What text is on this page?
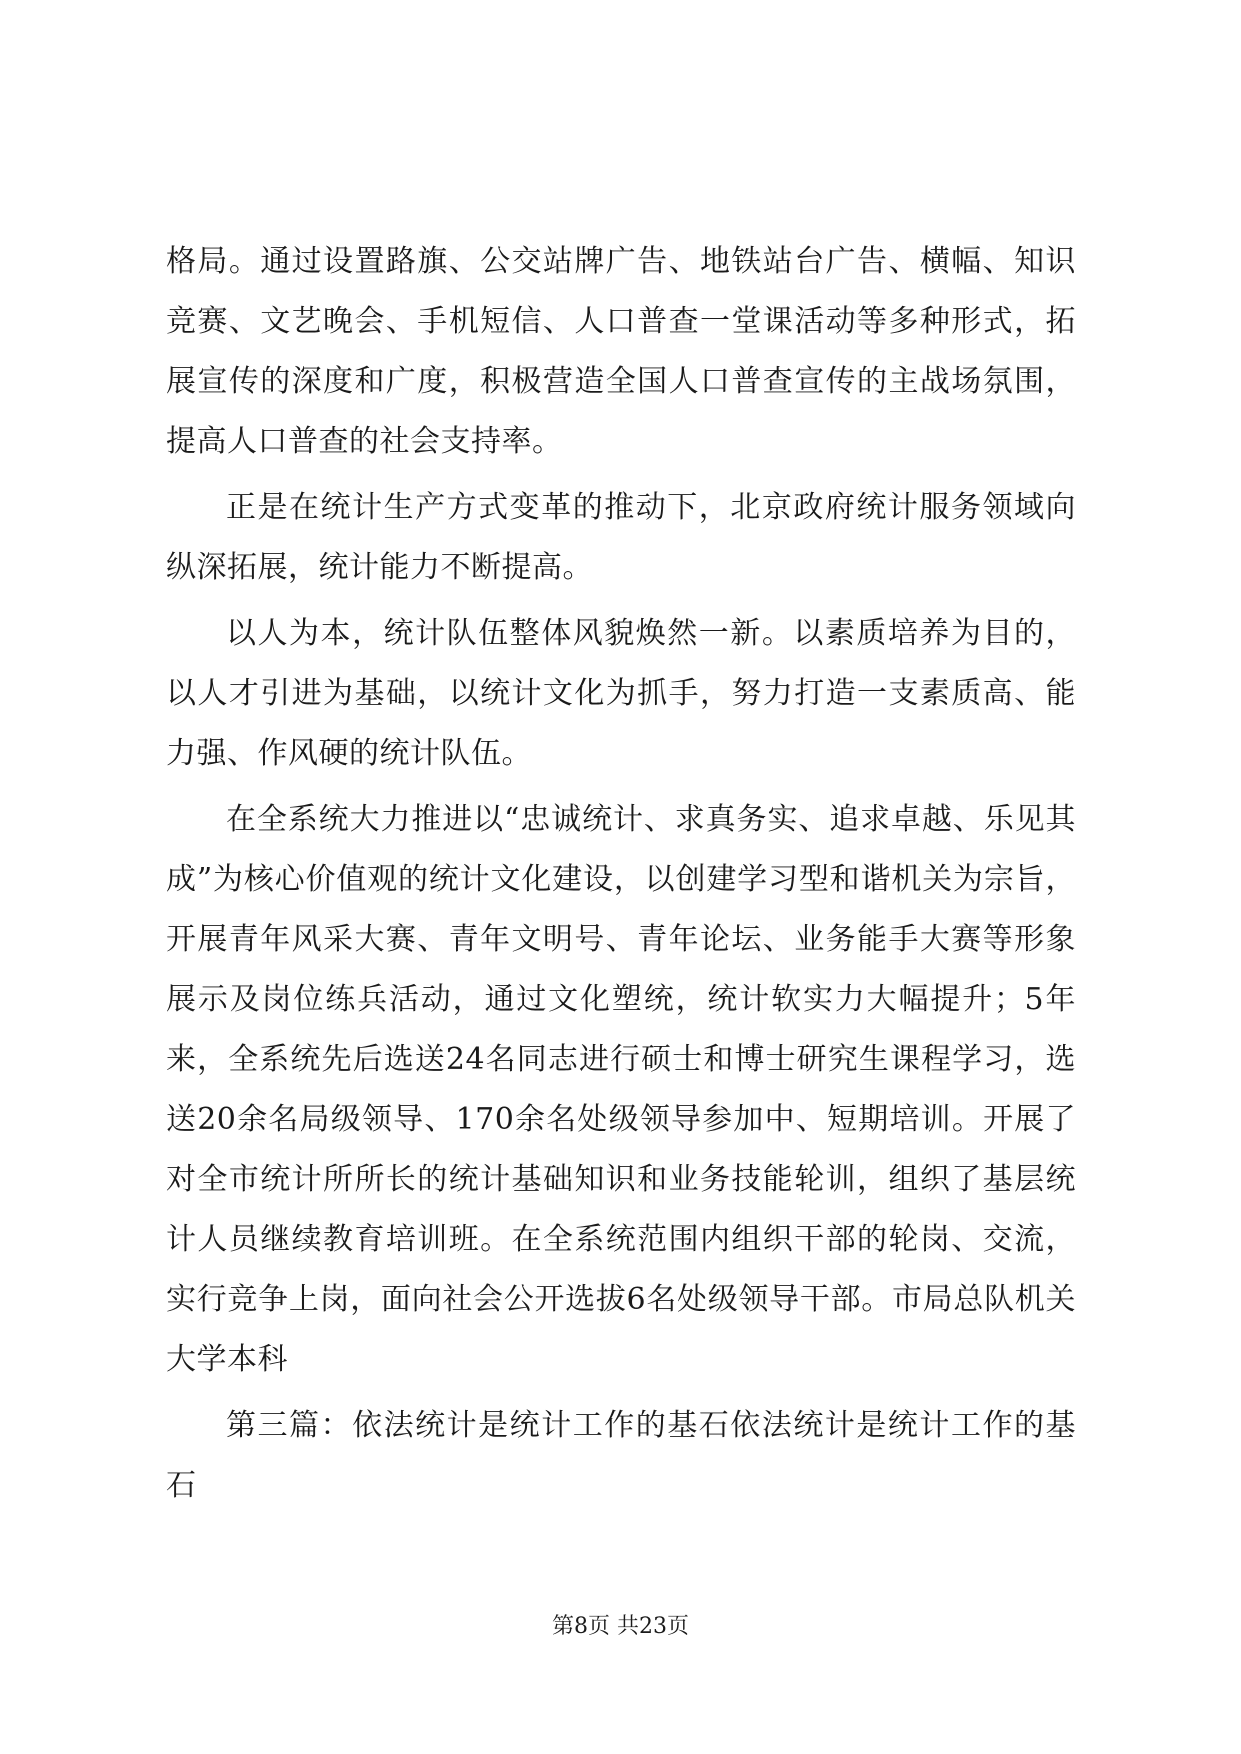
格局。通过设置路旗、公交站牌广告、地铁站台广告、横幅、知识竞赛、文艺晚会、手机短信、人口普查一堂课活动等多种形式，拓展宣传的深度和广度，积极营造全国人口普查宣传的主战场氛围，提高人口普查的社会支持率。

正是在统计生产方式变革的推动下，北京政府统计服务领域向纵深拓展，统计能力不断提高。

以人为本，统计队伍整体风貌焕然一新。以素质培养为目的，以人才引进为基础，以统计文化为抓手，努力打造一支素质高、能力强、作风硬的统计队伍。

在全系统大力推进以“忠诚统计、求真务实、追求卓越、乐见其成”为核心价值观的统计文化建设，以创建学习型和谐机关为宗旨，开展青年风采大赛、青年文明号、青年论坛、业务能手大赛等形象展示及岗位练兵活动，通过文化塑统，统计软实力大幅提升；5年来，全系统先后选送24名同志进行硕士和博士研究生课程学习，选送20余名局级领导、170余名处级领导参加中、短期培训。开展了对全市统计所所长的统计基础知识和业务技能轮训，组织了基层统计人员继续教育培训班。在全系统范围内组织干部的轮岗、交流，实行竞争上岗，面向社会公开选拔6名处级领导干部。市局总队机关大学本科

第三篇：依法统计是统计工作的基石依法统计是统计工作的基石

第8页 共23页
